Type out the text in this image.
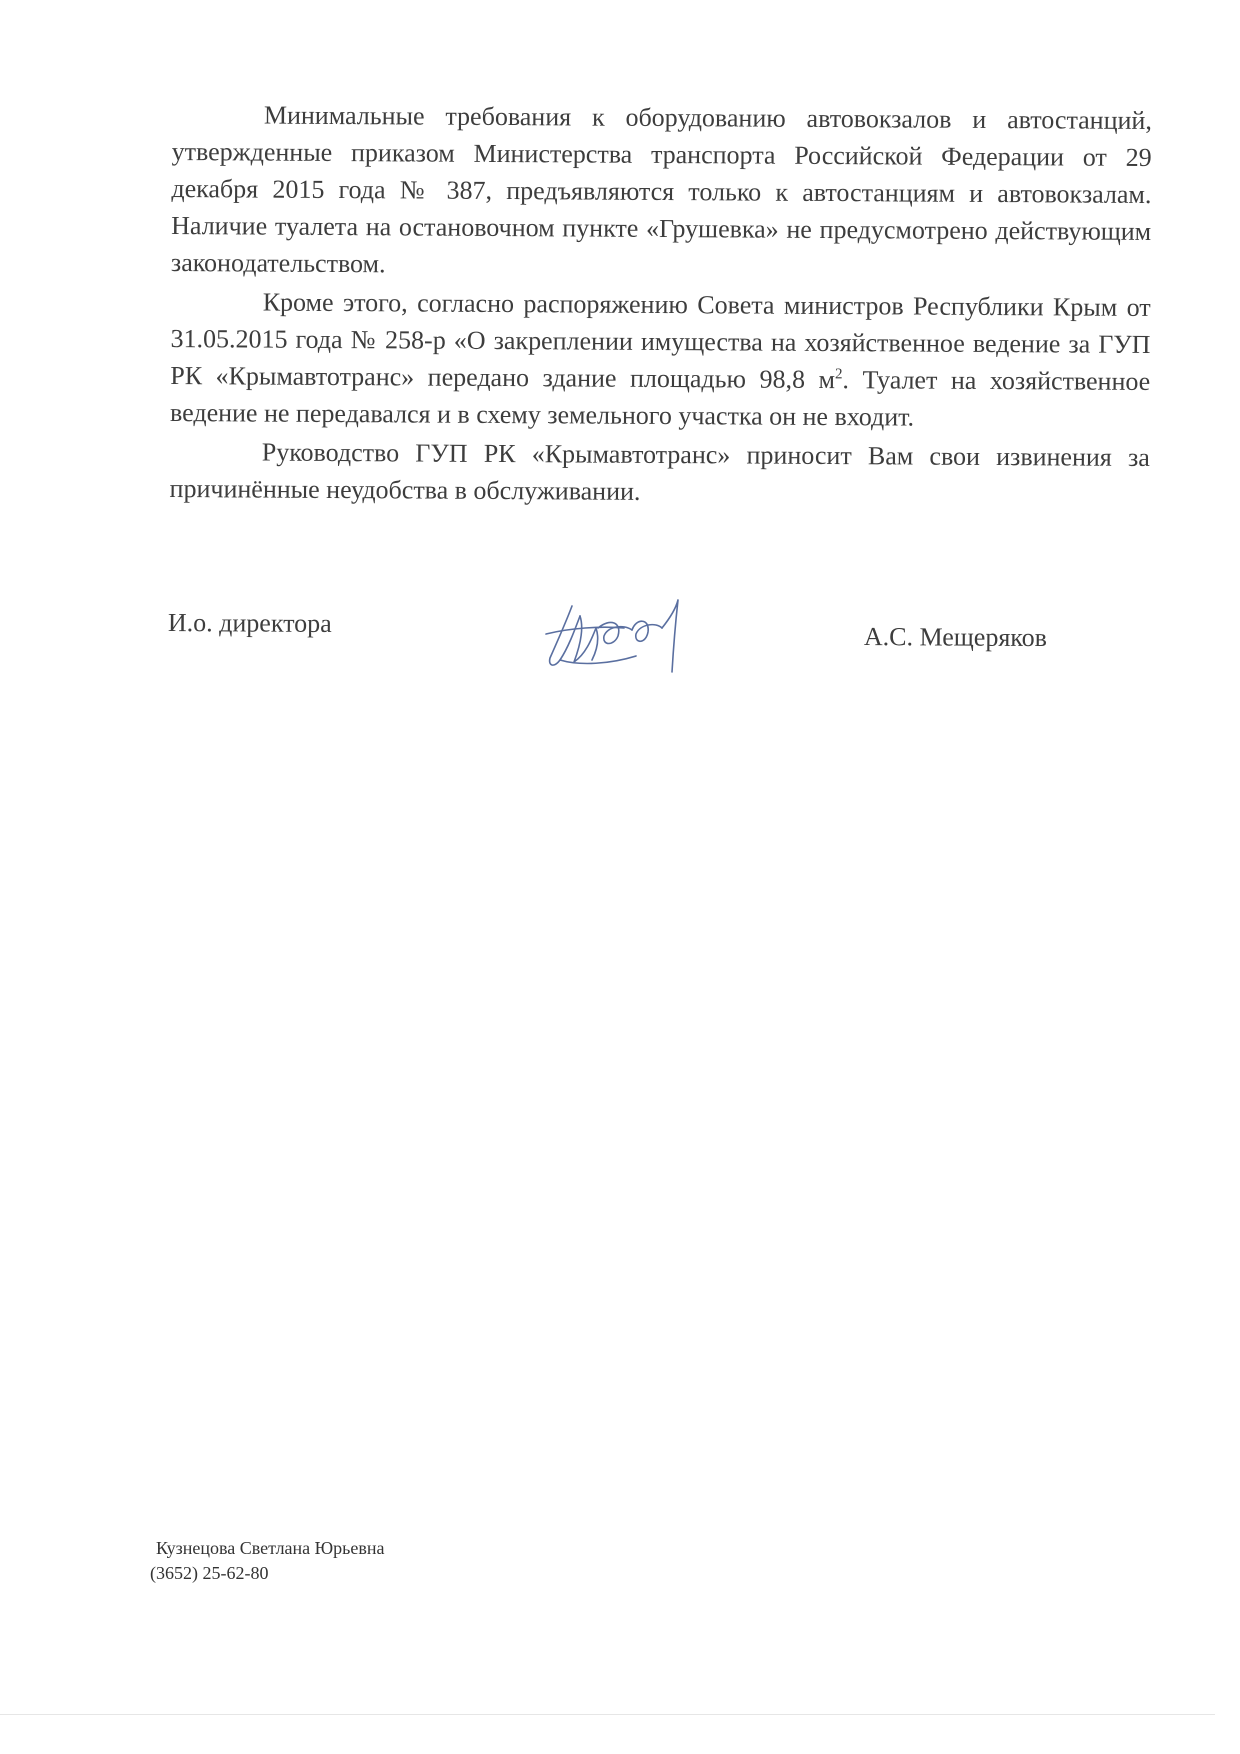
Минимальные требования к оборудованию автовокзалов и автостанций, утвержденные приказом Министерства транспорта Российской Федерации от 29 декабря 2015 года № 387, предъявляются только к автостанциям и автовокзалам. Наличие туалета на остановочном пункте «Грушевка» не предусмотрено действующим законодательством.

Кроме этого, согласно распоряжению Совета министров Республики Крым от 31.05.2015 года № 258-р «О закреплении имущества на хозяйственное ведение за ГУП РК «Крымавтотранс» передано здание площадью 98,8 $м^2$. Туалет на хозяйственное ведение не передавался и в схему земельного участка он не входит.

Руководство ГУП РК «Крымавтотранс» приносит Вам свои извинения за причинённые неудобства в обслуживании.

И.о. директора	А.С. Мещеряков
Кузнецова Светлана Юрьевна
(3652) 25-62-80
